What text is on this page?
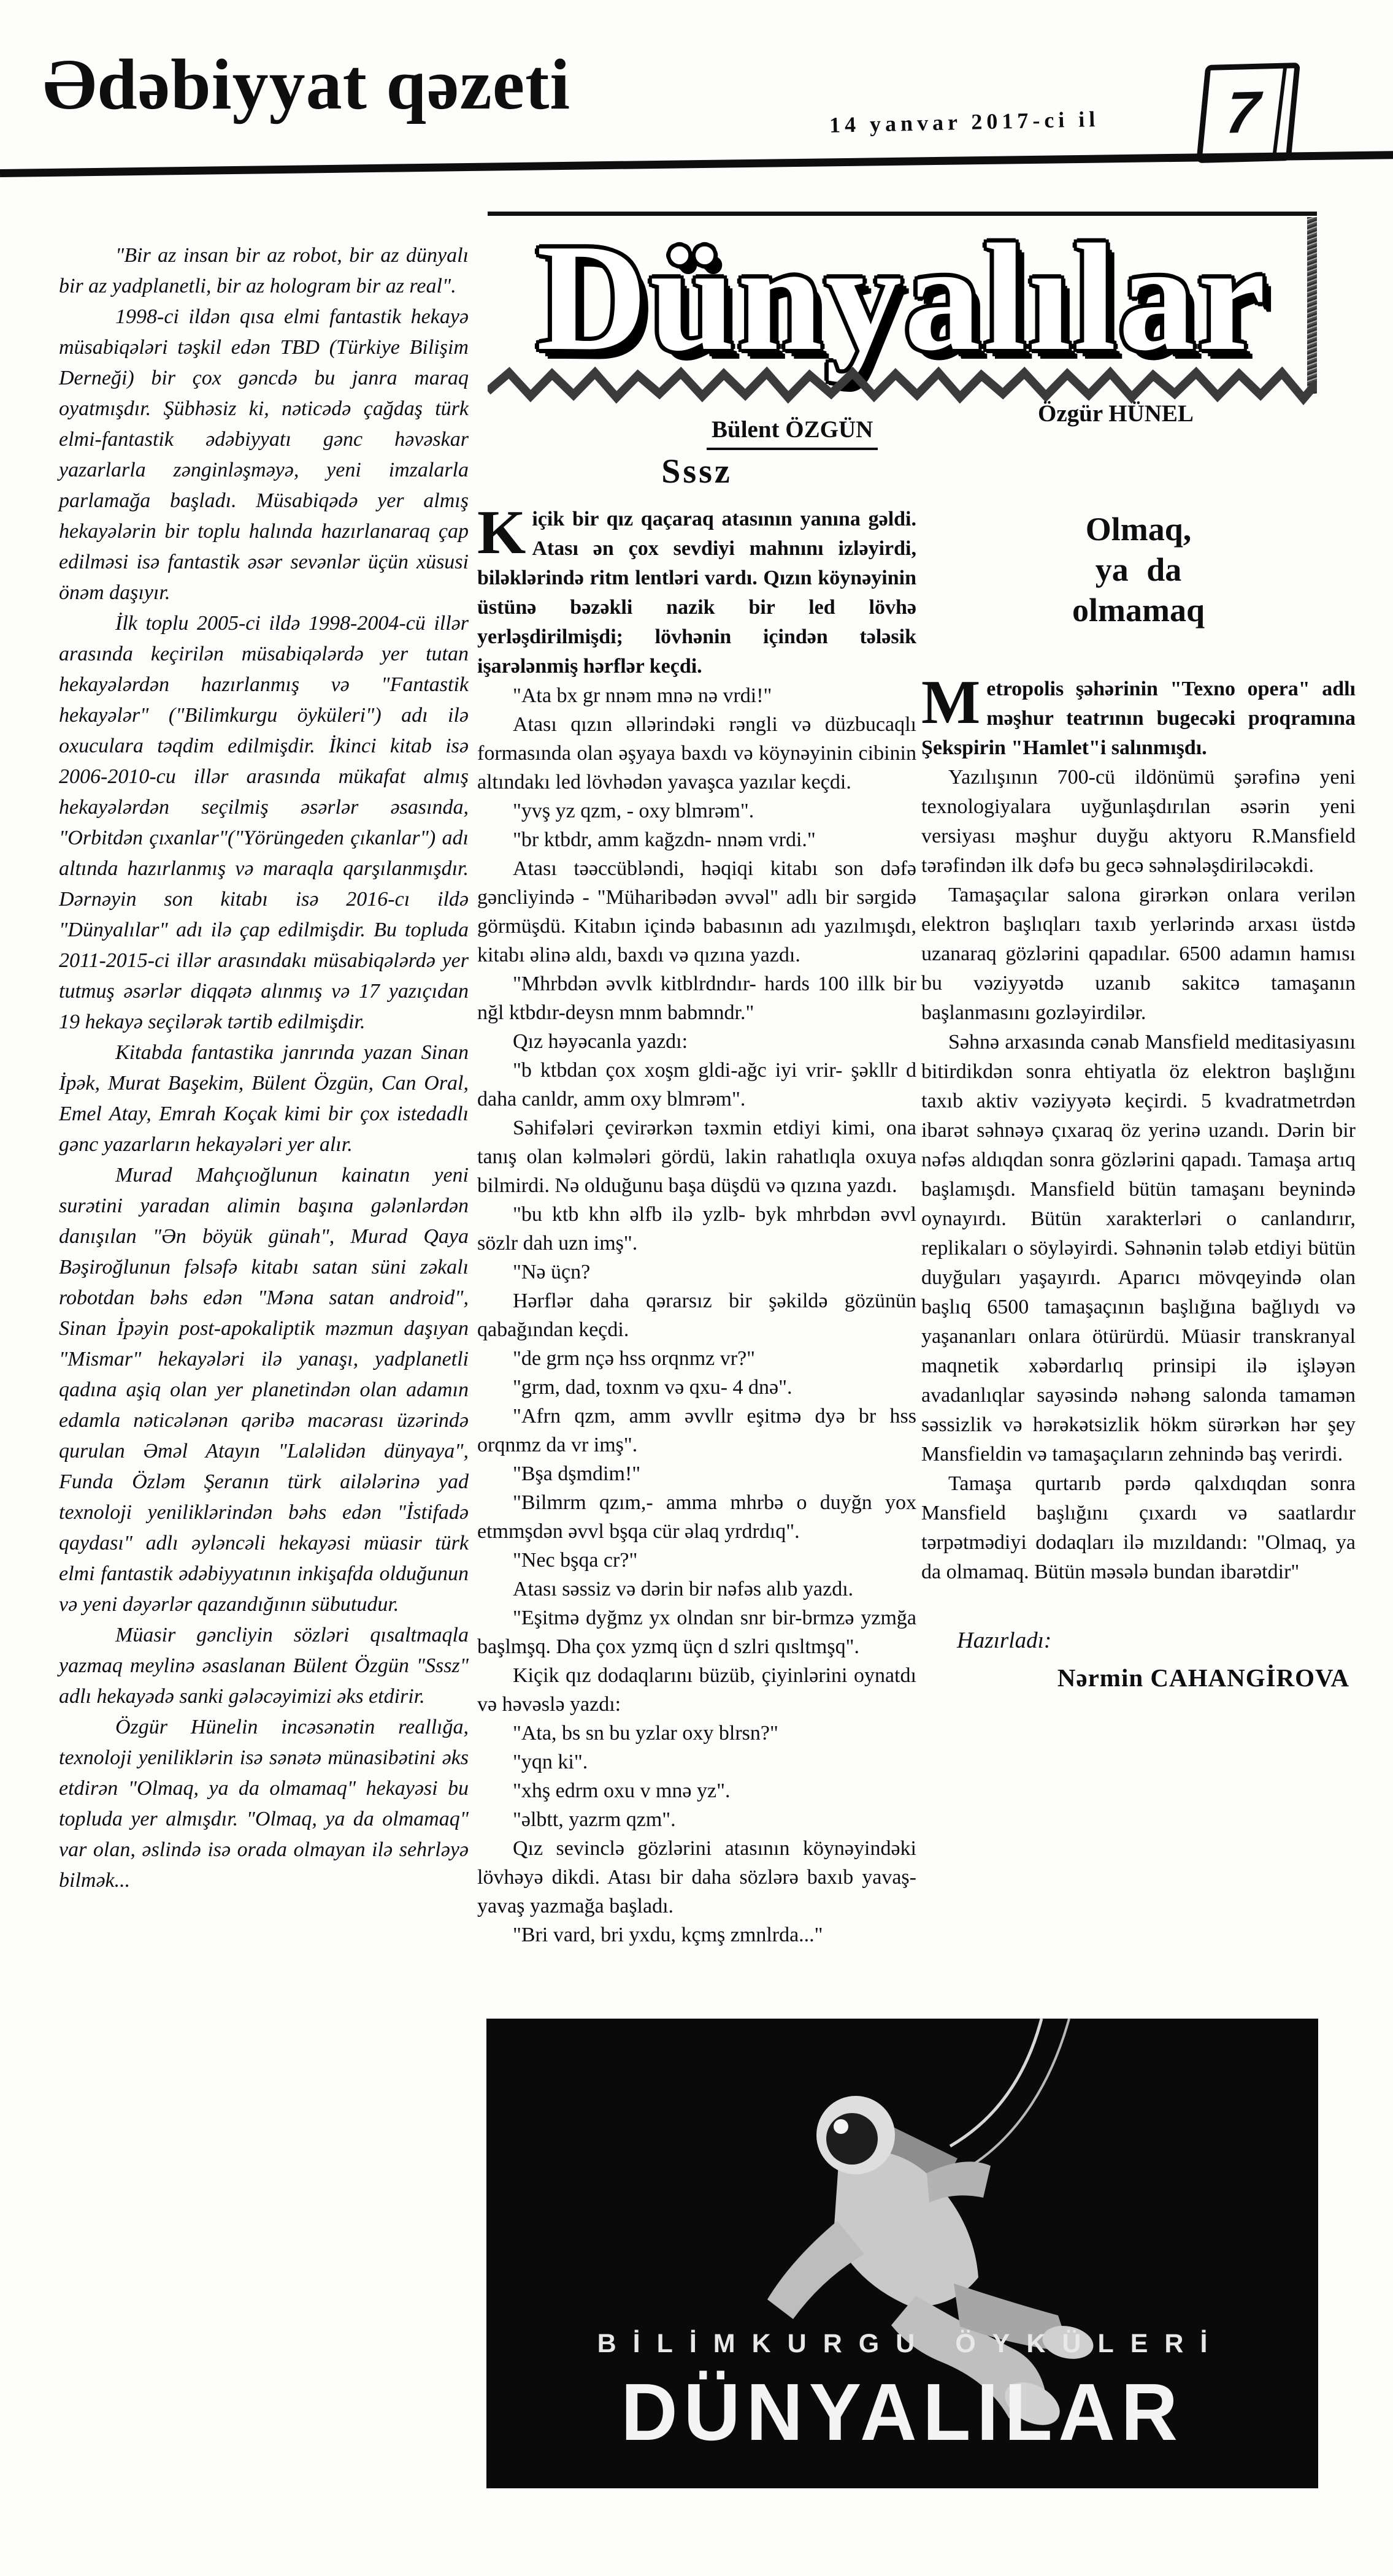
Ədəbiyyat qəzeti	14 yanvar 2017-ci il 7

"Bir az insan bir az robot, bir az dünyalı bir az yadplanetli, bir az hologram bir az real".

1998-ci ildən qısa elmi fantastik hekayə müsabiqələri təşkil edən TBD (Türkiye Bilişim Derneği) bir çox gəncdə bu janra maraq oyatmışdır. Şübhəsiz ki, nəticədə çağdaş türk elmi-fantastik ədəbiyyatı gənc həvəskar yazarlarla zənginləşməyə, yeni imzalarla parlamağa başladı. Müsabiqədə yer almış hekayələrin bir toplu halında hazırlanaraq çap edilməsi isə fantastik əsər sevənlər üçün xüsusi önəm daşıyır.

İlk toplu 2005-ci ildə 1998-2004-cü illər arasında keçirilən müsabiqələrdə yer tutan hekayələrdən hazırlanmış və "Fantastik hekayələr" ("Bilimkurgu öyküleri") adı ilə oxuculara təqdim edilmişdir. İkinci kitab isə 2006-2010-cu illər arasında mükafat almış hekayələrdən seçilmiş əsərlər əsasında, "Orbitdən çıxanlar"("Yörüngeden çıkanlar") adı altında hazırlanmış və maraqla qarşılanmışdır. Dərnəyin son kitabı isə 2016-cı ildə "Dünyalılar" adı ilə çap edilmişdir. Bu topluda 2011-2015-ci illər arasındakı müsabiqələrdə yer tutmuş əsərlər diqqətə alınmış və 17 yazıçıdan 19 hekayə seçilərək tərtib edilmişdir.

Kitabda fantastika janrında yazan Sinan İpək, Murat Başekim, Bülent Özgün, Can Oral, Emel Atay, Emrah Koçak kimi bir çox istedadlı gənc yazarların hekayələri yer alır.

Murad Mahçıoğlunun kainatın yeni surətini yaradan alimin başına gələnlərdən danışılan "Ən böyük günah", Murad Qaya Bəşiroğlunun fəlsəfə kitabı satan süni zəkalı robotdan bəhs edən "Məna satan android", Sinan İpəyin post-apokaliptik məzmun daşıyan "Mismar" hekayələri ilə yanaşı, yadplanetli qadına aşiq olan yer planetindən olan adamın edamla nəticələnən qəribə macərası üzərində qurulan Əməl Atayın "Laləlidən dünyaya", Funda Özləm Şeranın türk ailələrinə yad texnoloji yeniliklərindən bəhs edən "İstifadə qaydası" adlı əyləncəli hekayəsi müasir türk elmi fantastik ədəbiyyatının inkişafda olduğunun və yeni dəyərlər qazandığının sübutudur.

Müasir gəncliyin sözləri qısaltmaqla yazmaq meylinə əsaslanan Bülent Özgün "Sssz" adlı hekayədə sanki gələcəyimizi əks etdirir.

Özgür Hünelin incəsənətin reallığa, texnoloji yeniliklərin isə sənətə münasibətini əks etdirən "Olmaq, ya da olmamaq" hekayəsi bu topluda yer almışdır. "Olmaq, ya da olmamaq" var olan, əslində isə orada olmayan ilə sehrləyə bilmək...

Dünyalılar
Bülent ÖZGÜN
Özgür HÜNEL
Sssz

Kiçik bir qız qaçaraq atasının yanına gəldi. Atası ən çox sevdiyi mahnını izləyirdi, biləklərində ritm lentləri vardı. Qızın köynəyinin üstünə bəzəkli nazik bir led lövhə yerləşdirilmişdi; lövhənin içindən tələsik işarələnmiş hərflər keçdi.

"Ata bx gr nnəm mnə nə vrdi!"

Atası qızın əllərindəki rəngli və düzbucaqlı formasında olan əşyaya baxdı və köynəyinin cibinin altındakı led lövhədən yavaşca yazılar keçdi.

"yvş yz qzm, - oxy blmrəm".

"br ktbdr, amm kağzdn- nnəm vrdi."

Atası təəccübləndi, həqiqi kitabı son dəfə gəncliyində - "Müharibədən əvvəl" adlı bir sərgidə görmüşdü. Kitabın içində babasının adı yazılmışdı, kitabı əlinə aldı, baxdı və qızına yazdı.

"Mhrbdən əvvlk kitblrdndır- hards 100 illk bir nğl ktbdır-deysn mnm babmndr."

Qız həyəcanla yazdı:

"b ktbdan çox xoşm gldi-ağc iyi vrir- şəkllr d daha canldr, amm oxy blmrəm".

Səhifələri çevirərkən təxmin etdiyi kimi, ona tanış olan kəlmələri gördü, lakin rahatlıqla oxuya bilmirdi. Nə olduğunu başa düşdü və qızına yazdı.

"bu ktb khn əlfb ilə yzlb- byk mhrbdən əvvl sözlr dah uzn imş".

"Nə üçn?

Hərflər daha qərarsız bir şəkildə gözünün qabağından keçdi.

"de grm nçə hss orqnmz vr?"

"grm, dad, toxnm və qxu- 4 dnə".

"Afrn qzm, amm əvvllr eşitmə dyə br hss orqnmz da vr imş".

"Bşa dşmdim!"

"Bilmrm qzım,- amma mhrbə o duyğn yox etmmşdən əvvl bşqa cür əlaq yrdrdıq".

"Nec bşqa cr?"

Atası səssiz və dərin bir nəfəs alıb yazdı.

"Eşitmə dyğmz yx olndan snr bir-brmzə yzmğa başlmşq. Dha çox yzmq üçn d szlri qısltmşq".

Kiçik qız dodaqlarını büzüb, çiyinlərini oynatdı və həvəslə yazdı:

"Ata, bs sn bu yzlar oxy blrsn?"

"yqn ki".

"xhş edrm oxu v mnə yz".

"əlbtt, yazrm qzm".

Qız sevinclə gözlərini atasının köynəyindəki lövhəyə dikdi. Atası bir daha sözlərə baxıb yavaş-yavaş yazmağa başladı.

"Bri vard, bri yxdu, kçmş zmnlrda..."

Olmaq,
ya da
olmamaq

Metropolis şəhərinin "Texno opera" adlı məşhur teatrının bugecəki proqramına Şekspirin "Hamlet"i salınmışdı.

Yazılışının 700-cü ildönümü şərəfinə yeni texnologiyalara uyğunlaşdırılan əsərin yeni versiyası məşhur duyğu aktyoru R.Mansfield tərəfindən ilk dəfə bu gecə səhnələşdiriləcəkdi.

Tamaşaçılar salona girərkən onlara verilən elektron başlıqları taxıb yerlərində arxası üstdə uzanaraq gözlərini qapadılar. 6500 adamın hamısı bu vəziyyətdə uzanıb sakitcə tamaşanın başlanmasını gozləyirdilər.

Səhnə arxasında cənab Mansfield meditasiyasını bitirdikdən sonra ehtiyatla öz elektron başlığını taxıb aktiv vəziyyətə keçirdi. 5 kvadratmetrdən ibarət səhnəyə çıxaraq öz yerinə uzandı. Dərin bir nəfəs aldıqdan sonra gözlərini qapadı. Tamaşa artıq başlamışdı. Mansfield bütün tamaşanı beynində oynayırdı. Bütün xarakterləri o canlandırır, replikaları o söyləyirdi. Səhnənin tələb etdiyi bütün duyğuları yaşayırdı. Aparıcı mövqeyində olan başlıq 6500 tamaşaçının başlığına bağlıydı və yaşananları onlara ötürürdü. Müasir transkranyal maqnetik xəbərdarlıq prinsipi ilə işləyən avadanlıqlar sayəsində nəhəng salonda tamamən səssizlik və hərəkətsizlik hökm sürərkən hər şey Mansfieldin və tamaşaçıların zehnində baş verirdi.

Tamaşa qurtarıb pərdə qalxdıqdan sonra Mansfield başlığını çıxardı və saatlardır tərpətmədiyi dodaqları ilə mızıldandı: "Olmaq, ya da olmamaq. Bütün məsələ bundan ibarətdir"

Hazırladı:

Nərmin CAHANGİROVA

BİLİMKURGU ÖYKÜLERİ
DÜNYALILAR
